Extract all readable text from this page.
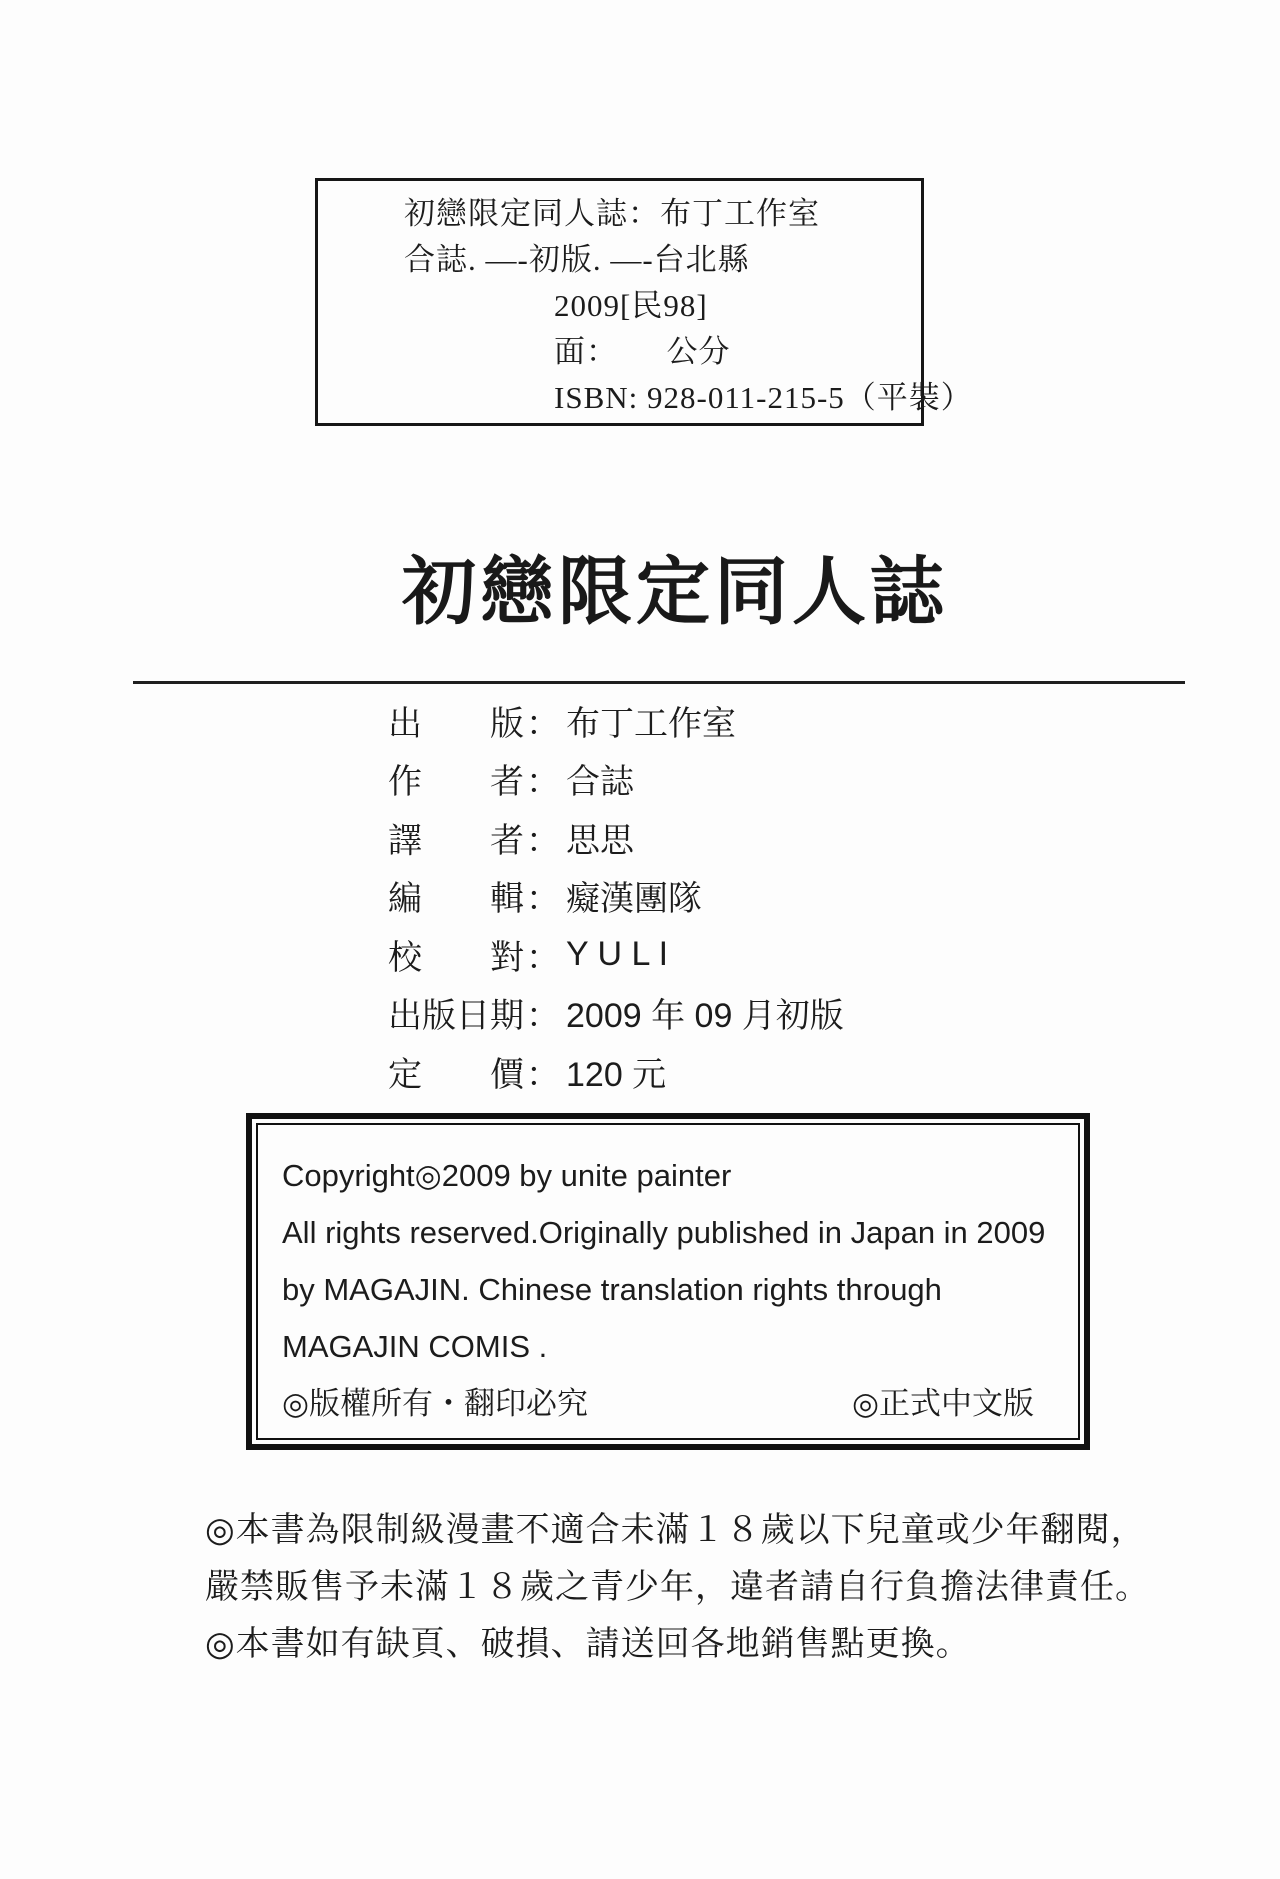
初戀限定同人誌：布丁工作室
合誌. —-初版. —-台北縣
2009[民98]
面：　　公分
ISBN: 928-011-215-5（平裝）
初戀限定同人誌
出版 ： 布丁工作室
作者 ： 合誌
譯者 ： 思思
編輯 ： 癡漢團隊
校對 ： Y U L I
出版日期 ： 2009 年 09 月初版
定價 ： 120 元
Copyright◎2009 by unite painter
All rights reserved.Originally published in Japan in 2009
by MAGAJIN. Chinese translation rights through
MAGAJIN COMIS .
◎版權所有・翻印必究	◎正式中文版
◎本書為限制級漫畫不適合未滿１８歲以下兒童或少年翻閱，
嚴禁販售予未滿１８歲之青少年，違者請自行負擔法律責任。
◎本書如有缺頁、破損、請送回各地銷售點更換。
